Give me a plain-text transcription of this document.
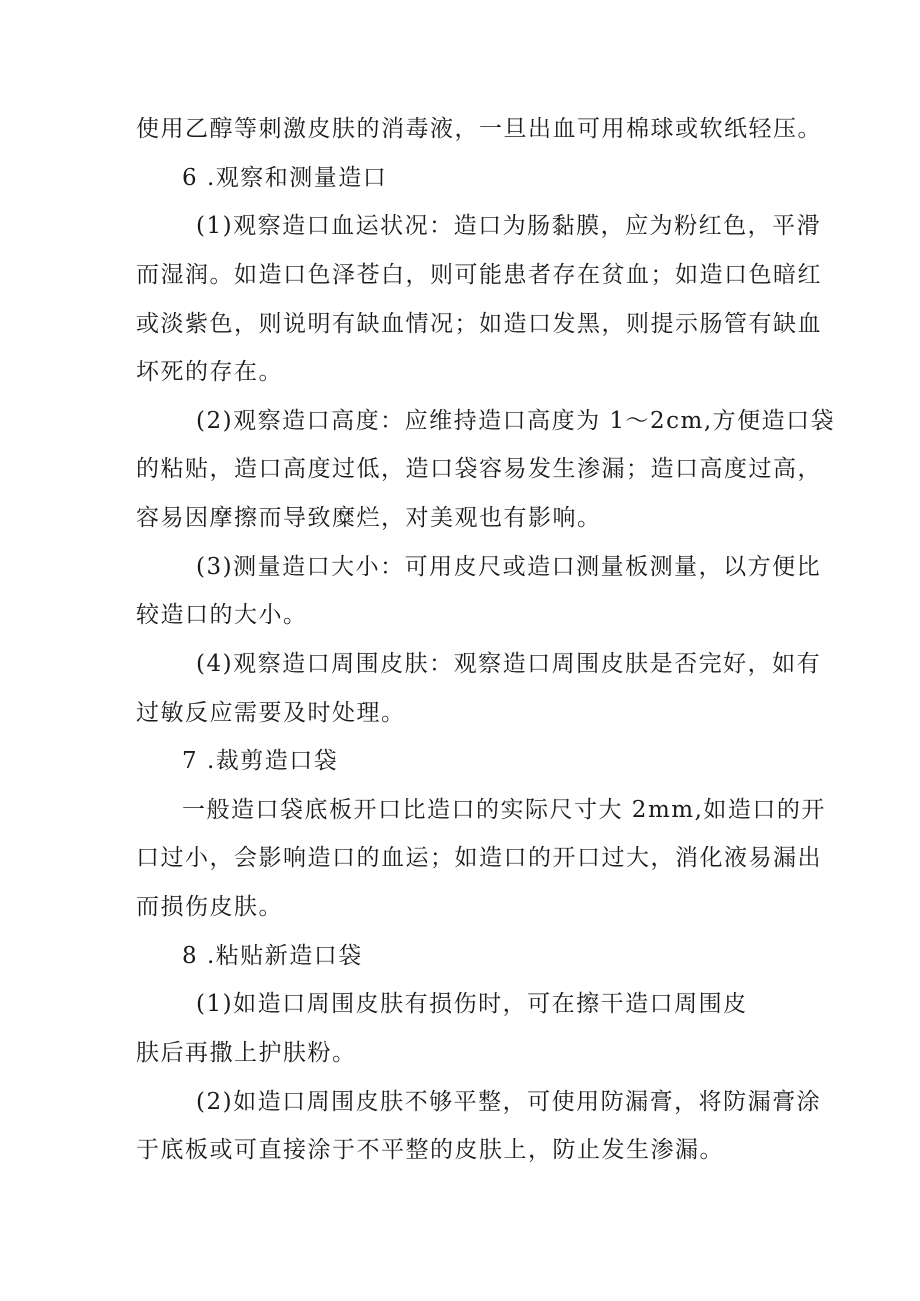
使用乙醇等刺激皮肤的消毒液，一旦出血可用棉球或软纸轻压。
6 .观察和测量造口
(1)观察造口血运状况：造口为肠黏膜，应为粉红色，平滑
而湿润。如造口色泽苍白，则可能患者存在贫血；如造口色暗红
或淡紫色，则说明有缺血情况；如造口发黑，则提示肠管有缺血
坏死的存在。
(2)观察造口高度：应维持造口高度为 1～2cm,方便造口袋
的粘贴，造口高度过低，造口袋容易发生渗漏；造口高度过高，
容易因摩擦而导致糜烂，对美观也有影响。
(3)测量造口大小：可用皮尺或造口测量板测量，以方便比
较造口的大小。
(4)观察造口周围皮肤：观察造口周围皮肤是否完好，如有
过敏反应需要及时处理。
7 .裁剪造口袋
一般造口袋底板开口比造口的实际尺寸大 2mm,如造口的开
口过小，会影响造口的血运；如造口的开口过大，消化液易漏出
而损伤皮肤。
8 .粘贴新造口袋
(1)如造口周围皮肤有损伤时，可在擦干造口周围皮
肤后再撒上护肤粉。
(2)如造口周围皮肤不够平整，可使用防漏膏，将防漏膏涂
于底板或可直接涂于不平整的皮肤上，防止发生渗漏。
